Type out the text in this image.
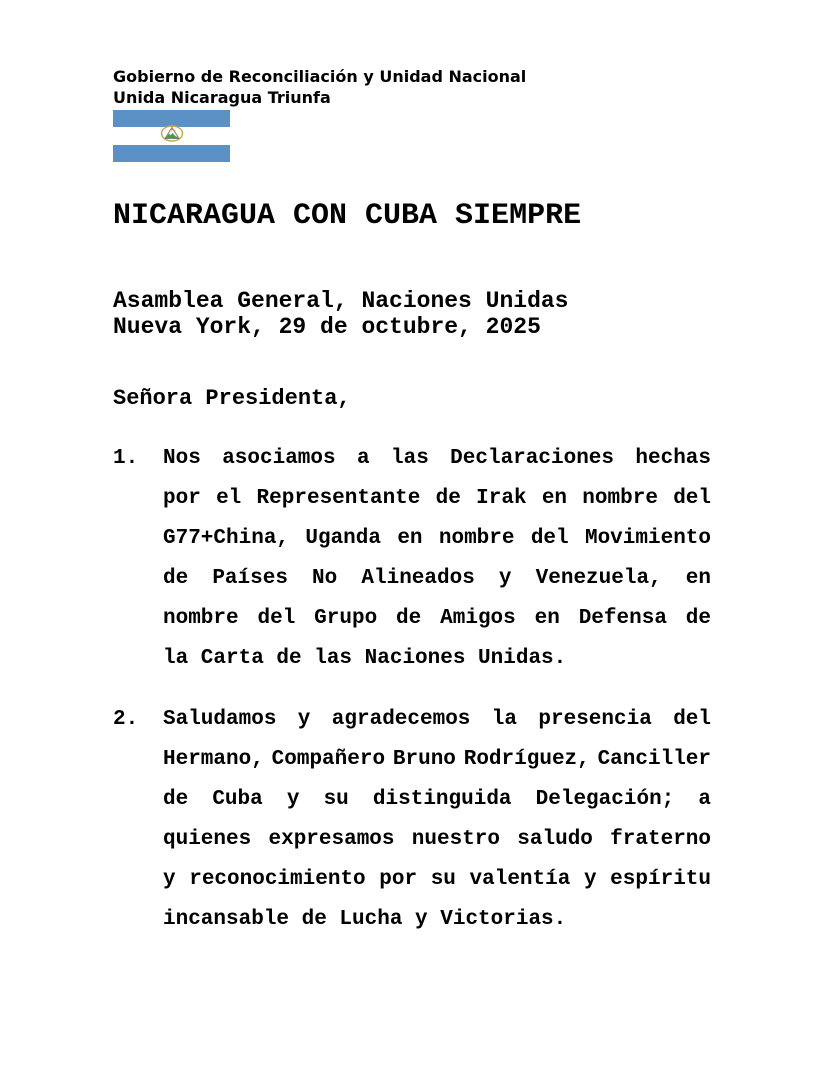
Gobierno de Reconciliación y Unidad Nacional
Unida Nicaragua Triunfa
NICARAGUA CON CUBA SIEMPRE
Asamblea General, Naciones Unidas
Nueva York, 29 de octubre, 2025
Señora Presidenta,
1. Nos asociamos a las Declaraciones hechas
por el Representante de Irak en nombre del
G77+China, Uganda en nombre del Movimiento
de Países No Alineados y Venezuela, en
nombre del Grupo de Amigos en Defensa de
la Carta de las Naciones Unidas.
2. Saludamos y agradecemos la presencia del
Hermano, Compañero Bruno Rodríguez, Canciller
de Cuba y su distinguida Delegación; a
quienes expresamos nuestro saludo fraterno
y reconocimiento por su valentía y espíritu
incansable de Lucha y Victorias.
